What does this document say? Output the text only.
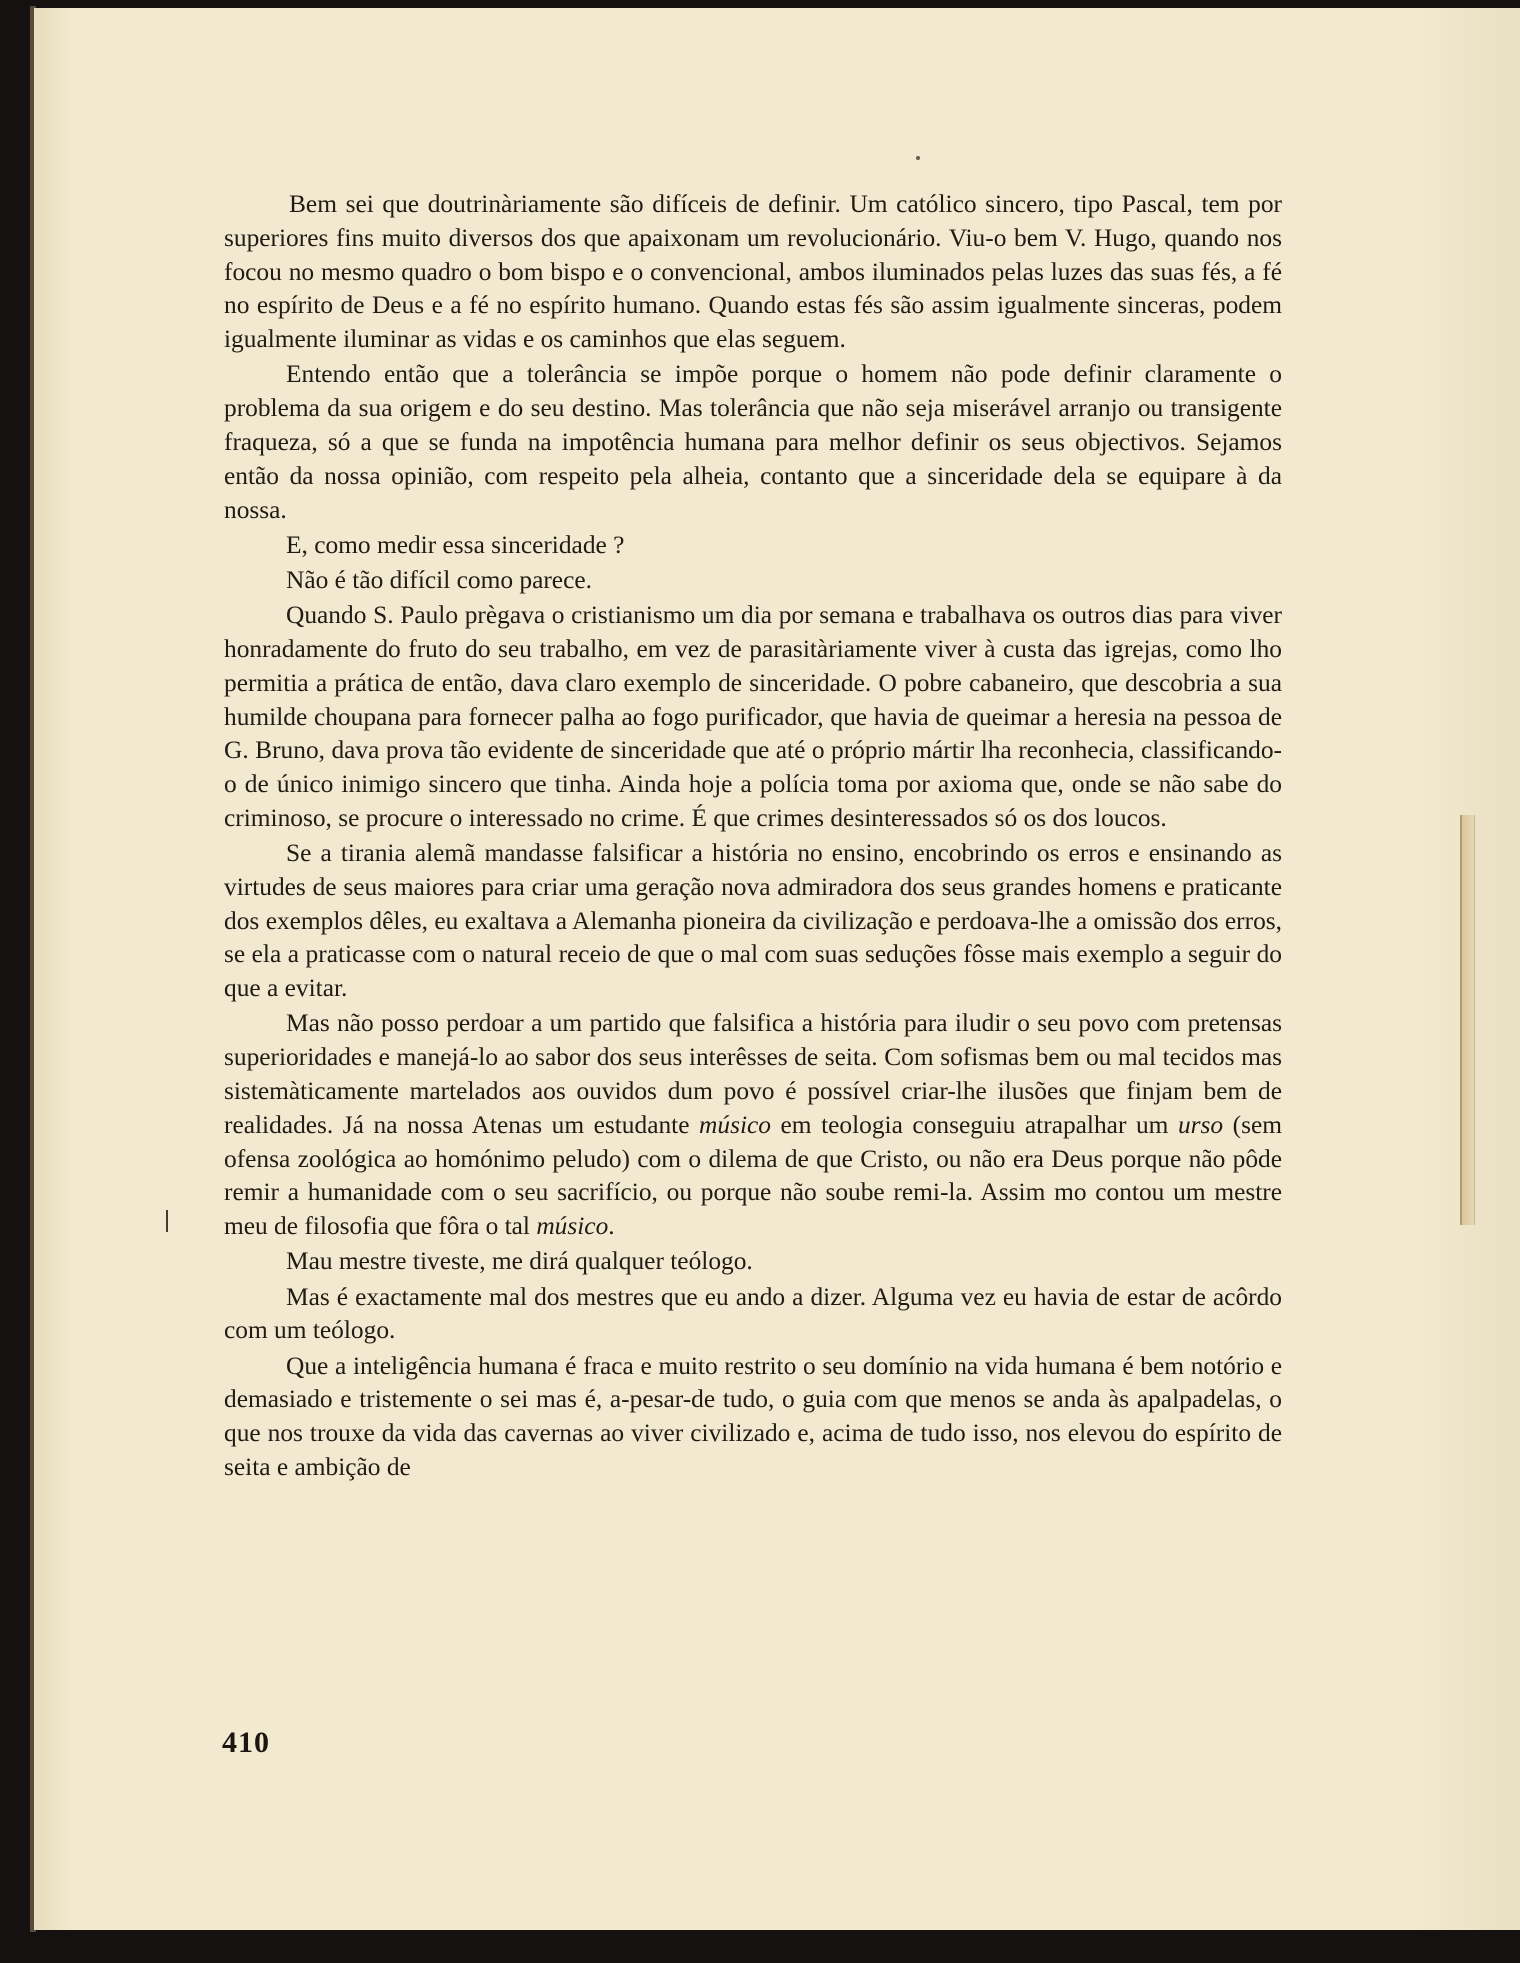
Bem sei que doutrinàriamente são difíceis de definir. Um católico sincero, tipo Pascal, tem por superiores fins muito diversos dos que apaixonam um revolucionário. Viu-o bem V. Hugo, quando nos focou no mesmo quadro o bom bispo e o convencional, ambos iluminados pelas luzes das suas fés, a fé no espírito de Deus e a fé no espírito humano. Quando estas fés são assim igualmente sinceras, podem igualmente iluminar as vidas e os caminhos que elas seguem.

Entendo então que a tolerância se impõe porque o homem não pode definir claramente o problema da sua origem e do seu destino. Mas tolerância que não seja miserável arranjo ou transigente fraqueza, só a que se funda na impotência humana para melhor definir os seus objectivos. Sejamos então da nossa opinião, com respeito pela alheia, contanto que a sinceridade dela se equipare à da nossa.

E, como medir essa sinceridade ?

Não é tão difícil como parece.

Quando S. Paulo prègava o cristianismo um dia por semana e trabalhava os outros dias para viver honradamente do fruto do seu trabalho, em vez de parasitàriamente viver à custa das igrejas, como lho permitia a prática de então, dava claro exemplo de sinceridade. O pobre cabaneiro, que descobria a sua humilde choupana para fornecer palha ao fogo purificador, que havia de queimar a heresia na pessoa de G. Bruno, dava prova tão evidente de sinceridade que até o próprio mártir lha reconhecia, classificando-o de único inimigo sincero que tinha. Ainda hoje a polícia toma por axioma que, onde se não sabe do criminoso, se procure o interessado no crime. É que crimes desinteressados só os dos loucos.

Se a tirania alemã mandasse falsificar a história no ensino, encobrindo os erros e ensinando as virtudes de seus maiores para criar uma geração nova admiradora dos seus grandes homens e praticante dos exemplos dêles, eu exaltava a Alemanha pioneira da civilização e perdoava-lhe a omissão dos erros, se ela a praticasse com o natural receio de que o mal com suas seduções fôsse mais exemplo a seguir do que a evitar.

Mas não posso perdoar a um partido que falsifica a história para iludir o seu povo com pretensas superioridades e manejá-lo ao sabor dos seus interêsses de seita. Com sofismas bem ou mal tecidos mas sistemàticamente martelados aos ouvidos dum povo é possível criar-lhe ilusões que finjam bem de realidades. Já na nossa Atenas um estudante músico em teologia conseguiu atrapalhar um urso (sem ofensa zoológica ao homónimo peludo) com o dilema de que Cristo, ou não era Deus porque não pôde remir a humanidade com o seu sacrifício, ou porque não soube remi-la. Assim mo contou um mestre meu de filosofia que fôra o tal músico.

Mau mestre tiveste, me dirá qualquer teólogo.

Mas é exactamente mal dos mestres que eu ando a dizer. Alguma vez eu havia de estar de acôrdo com um teólogo.

Que a inteligência humana é fraca e muito restrito o seu domínio na vida humana é bem notório e demasiado e tristemente o sei mas é, a-pesar-de tudo, o guia com que menos se anda às apalpadelas, o que nos trouxe da vida das cavernas ao viver civilizado e, acima de tudo isso, nos elevou do espírito de seita e ambição de

410
